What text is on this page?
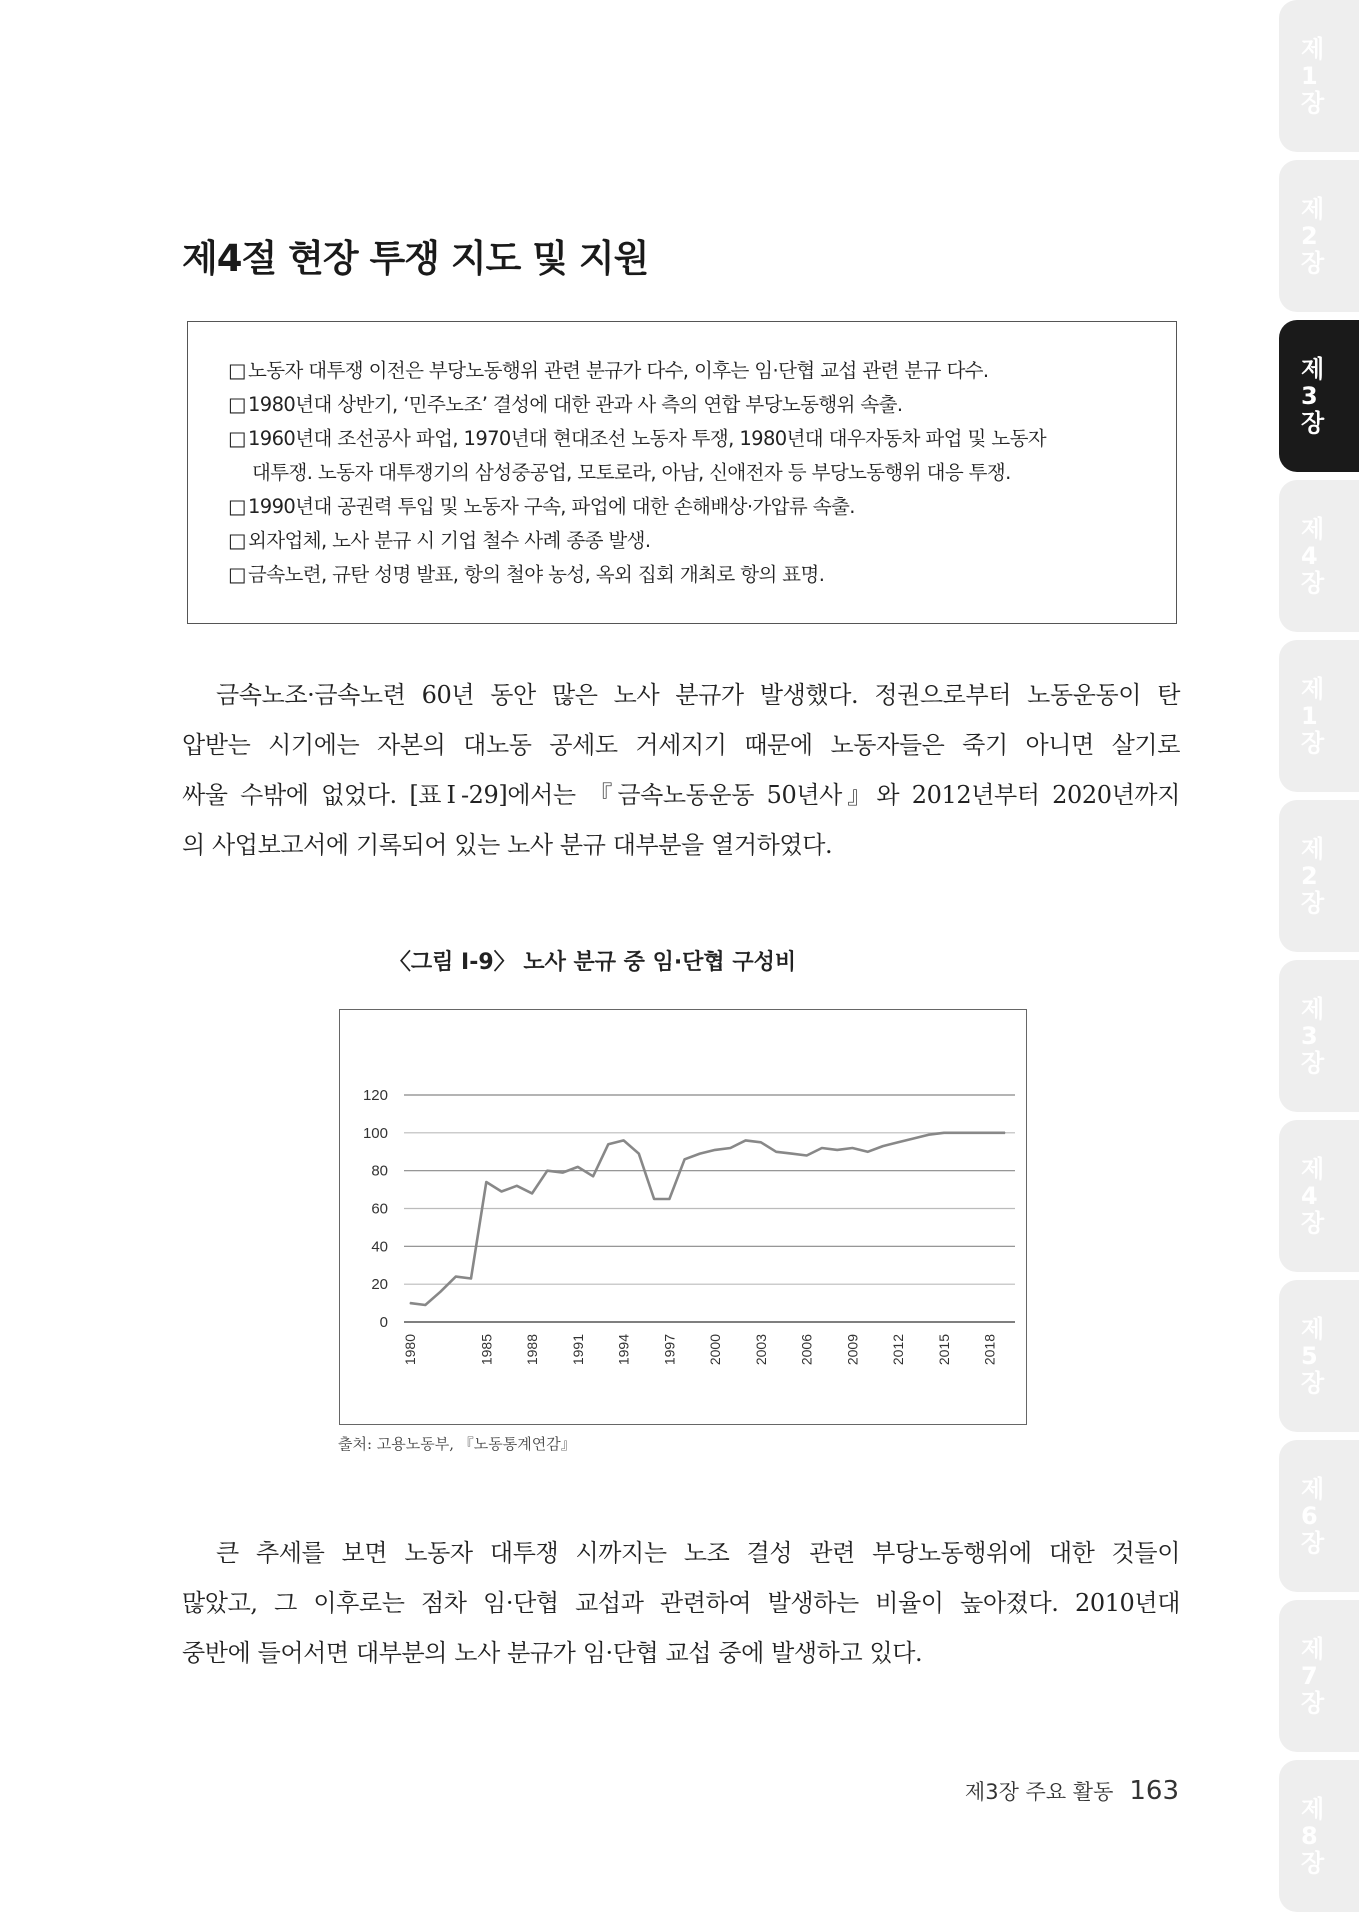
제4절 현장 투쟁 지도 및 지원
□ 노동자 대투쟁 이전은 부당노동행위 관련 분규가 다수, 이후는 임·단협 교섭 관련 분규 다수.
□ 1980년대 상반기, ‘민주노조’ 결성에 대한 관과 사 측의 연합 부당노동행위 속출.
□ 1960년대 조선공사 파업, 1970년대 현대조선 노동자 투쟁, 1980년대 대우자동차 파업 및 노동자
대투쟁. 노동자 대투쟁기의 삼성중공업, 모토로라, 아남, 신애전자 등 부당노동행위 대응 투쟁.
□ 1990년대 공권력 투입 및 노동자 구속, 파업에 대한 손해배상·가압류 속출.
□ 외자업체, 노사 분규 시 기업 철수 사례 종종 발생.
□ 금속노련, 규탄 성명 발표, 항의 철야 농성, 옥외 집회 개최로 항의 표명.

금속노조·금속노련 60년 동안 많은 노사 분규가 발생했다. 정권으로부터 노동운동이 탄
압받는 시기에는 자본의 대노동 공세도 거세지기 때문에 노동자들은 죽기 아니면 살기로
싸울 수밖에 없었다. [표Ⅰ-29]에서는 『금속노동운동 50년사』와 2012년부터 2020년까지
의 사업보고서에 기록되어 있는 노사 분규 대부분을 열거하였다.

〈그림 Ⅰ-9〉 노사 분규 중 임·단협 구성비
0
20
40
60
80
100
120
1980	1985 1988 1991 1994 1997 2000 2003 2006 2009 2012 2015 2018
출처: 고용노동부, 『노동통계연감』

큰 추세를 보면 노동자 대투쟁 시까지는 노조 결성 관련 부당노동행위에 대한 것들이
많았고, 그 이후로는 점차 임·단협 교섭과 관련하여 발생하는 비율이 높아졌다. 2010년대
중반에 들어서면 대부분의 노사 분규가 임·단협 교섭 중에 발생하고 있다.

제3장 주요 활동 163
제
1
장
제
2
장
제
3
장
제
4
장
제
1
장
제
2
장
제
3
장
제
4
장
제
5
장
제
6
장
제
7
장
제
8
장
